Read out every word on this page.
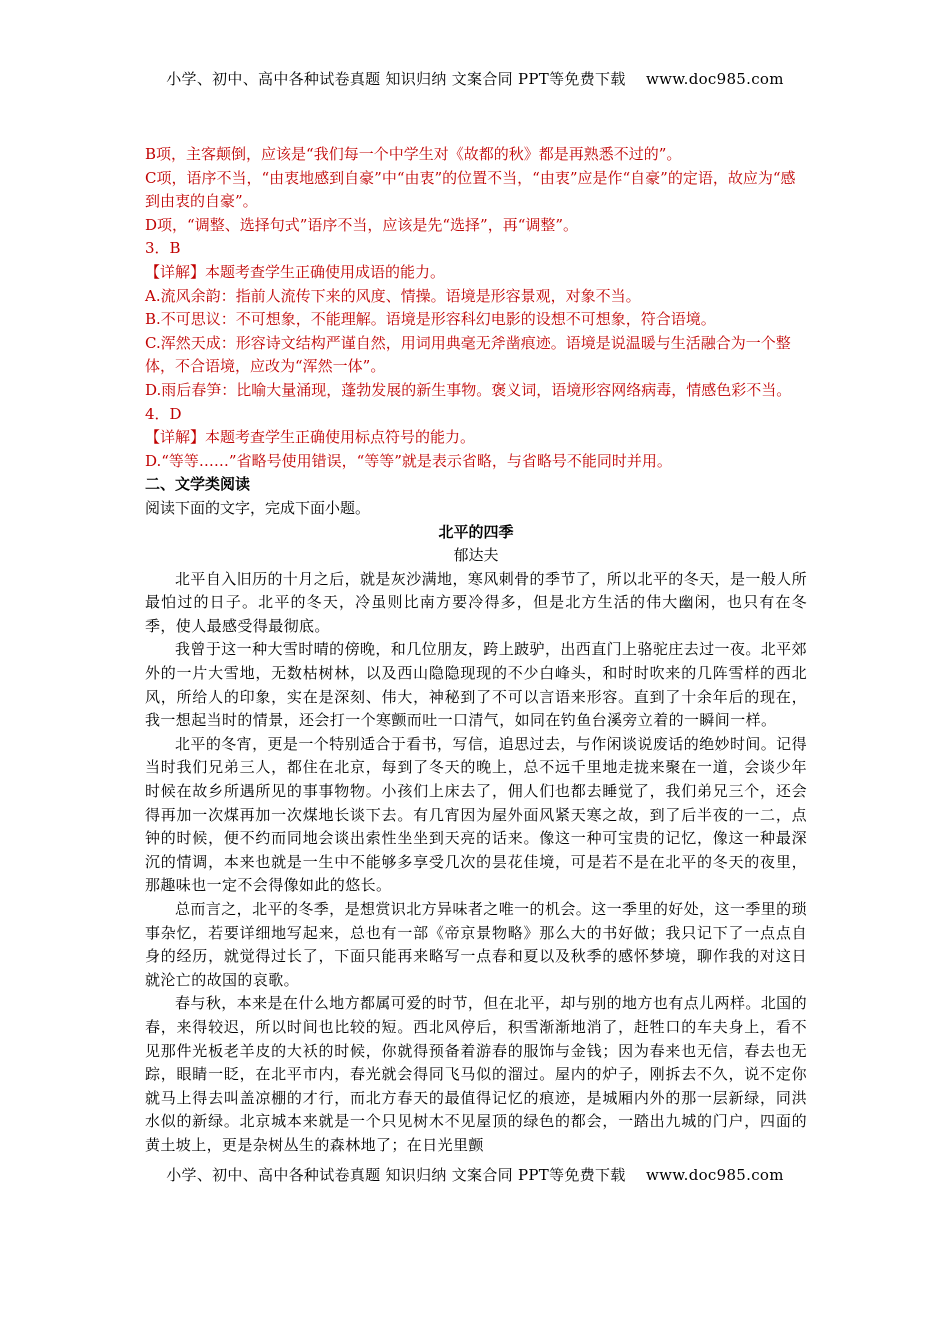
小学、初中、高中各种试卷真题 知识归纳 文案合同 PPT等免费下载　 www.doc985.com

B项，主客颠倒，应该是“我们每一个中学生对《故都的秋》都是再熟悉不过的”。

C项，语序不当，“由衷地感到自豪”中“由衷”的位置不当，“由衷”应是作“自豪”的定语，故应为“感到由衷的自豪”。

D项，“调整、选择句式”语序不当，应该是先“选择”，再“调整”。

3．B

【详解】本题考查学生正确使用成语的能力。

A.流风余韵：指前人流传下来的风度、情操。语境是形容景观，对象不当。

B.不可思议：不可想象，不能理解。语境是形容科幻电影的设想不可想象，符合语境。

C.浑然天成：形容诗文结构严谨自然，用词用典毫无斧凿痕迹。语境是说温暖与生活融合为一个整体，不合语境，应改为“浑然一体”。

D.雨后春笋：比喻大量涌现，蓬勃发展的新生事物。褒义词，语境形容网络病毒，情感色彩不当。

4．D

【详解】本题考查学生正确使用标点符号的能力。

D.“等等……”省略号使用错误，“等等”就是表示省略，与省略号不能同时并用。

二、文学类阅读

阅读下面的文字，完成下面小题。

北平的四季

郁达夫

北平自入旧历的十月之后，就是灰沙满地，寒风刺骨的季节了，所以北平的冬天，是一般人所最怕过的日子。北平的冬天，冷虽则比南方要冷得多，但是北方生活的伟大幽闲，也只有在冬季，使人最感受得最彻底。

我曾于这一种大雪时晴的傍晚，和几位朋友，跨上跛驴，出西直门上骆驼庄去过一夜。北平郊外的一片大雪地，无数枯树林，以及西山隐隐现现的不少白峰头，和时时吹来的几阵雪样的西北风，所给人的印象，实在是深刻、伟大，神秘到了不可以言语来形容。直到了十余年后的现在，我一想起当时的情景，还会打一个寒颤而吐一口清气，如同在钓鱼台溪旁立着的一瞬间一样。

北平的冬宵，更是一个特别适合于看书，写信，追思过去，与作闲谈说废话的绝妙时间。记得当时我们兄弟三人，都住在北京，每到了冬天的晚上，总不远千里地走拢来聚在一道，会谈少年时候在故乡所遇所见的事事物物。小孩们上床去了，佣人们也都去睡觉了，我们弟兄三个，还会得再加一次煤再加一次煤地长谈下去。有几宵因为屋外面风紧天寒之故，到了后半夜的一二，点钟的时候，便不约而同地会谈出索性坐坐到天亮的话来。像这一种可宝贵的记忆，像这一种最深沉的情调，本来也就是一生中不能够多享受几次的昙花佳境，可是若不是在北平的冬天的夜里，那趣味也一定不会得像如此的悠长。

总而言之，北平的冬季，是想赏识北方异味者之唯一的机会。这一季里的好处，这一季里的琐事杂忆，若要详细地写起来，总也有一部《帝京景物略》那么大的书好做；我只记下了一点点自身的经历，就觉得过长了，下面只能再来略写一点春和夏以及秋季的感怀梦境，聊作我的对这日就沦亡的故国的哀歌。

春与秋，本来是在什么地方都属可爱的时节，但在北平，却与别的地方也有点儿两样。北国的春，来得较迟，所以时间也比较的短。西北风停后，积雪渐渐地消了，赶牲口的车夫身上，看不见那件光板老羊皮的大袄的时候，你就得预备着游春的服饰与金钱；因为春来也无信，春去也无踪，眼睛一眨，在北平市内，春光就会得同飞马似的溜过。屋内的炉子，刚拆去不久，说不定你就马上得去叫盖凉棚的才行，而北方春天的最值得记忆的痕迹，是城厢内外的那一层新绿，同洪水似的新绿。北京城本来就是一个只见树木不见屋顶的绿色的都会，一踏出九城的门户，四面的黄土坡上，更是杂树丛生的森林地了；在日光里颤

小学、初中、高中各种试卷真题 知识归纳 文案合同 PPT等免费下载　 www.doc985.com
